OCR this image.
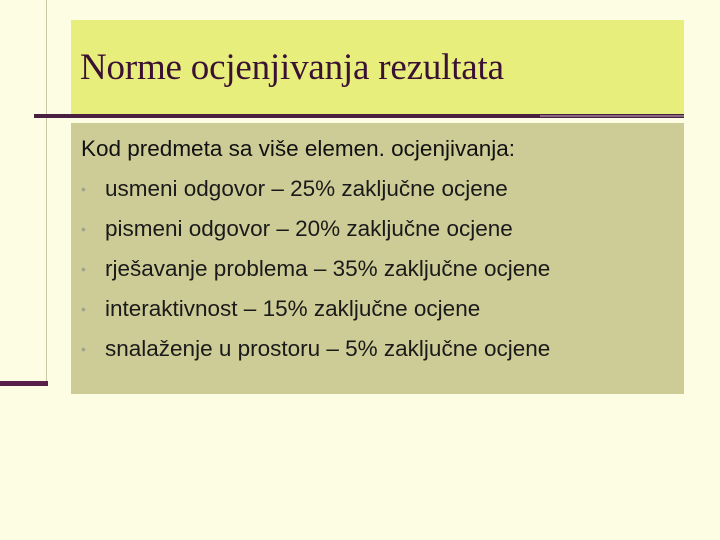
Norme ocjenjivanja rezultata
Kod predmeta sa više elemen. ocjenjivanja:
• usmeni odgovor – 25% zaključne ocjene
• pismeni odgovor – 20% zaključne ocjene
• rješavanje problema – 35% zaključne ocjene
• interaktivnost – 15% zaključne ocjene
• snalaženje u prostoru – 5% zaključne ocjene
